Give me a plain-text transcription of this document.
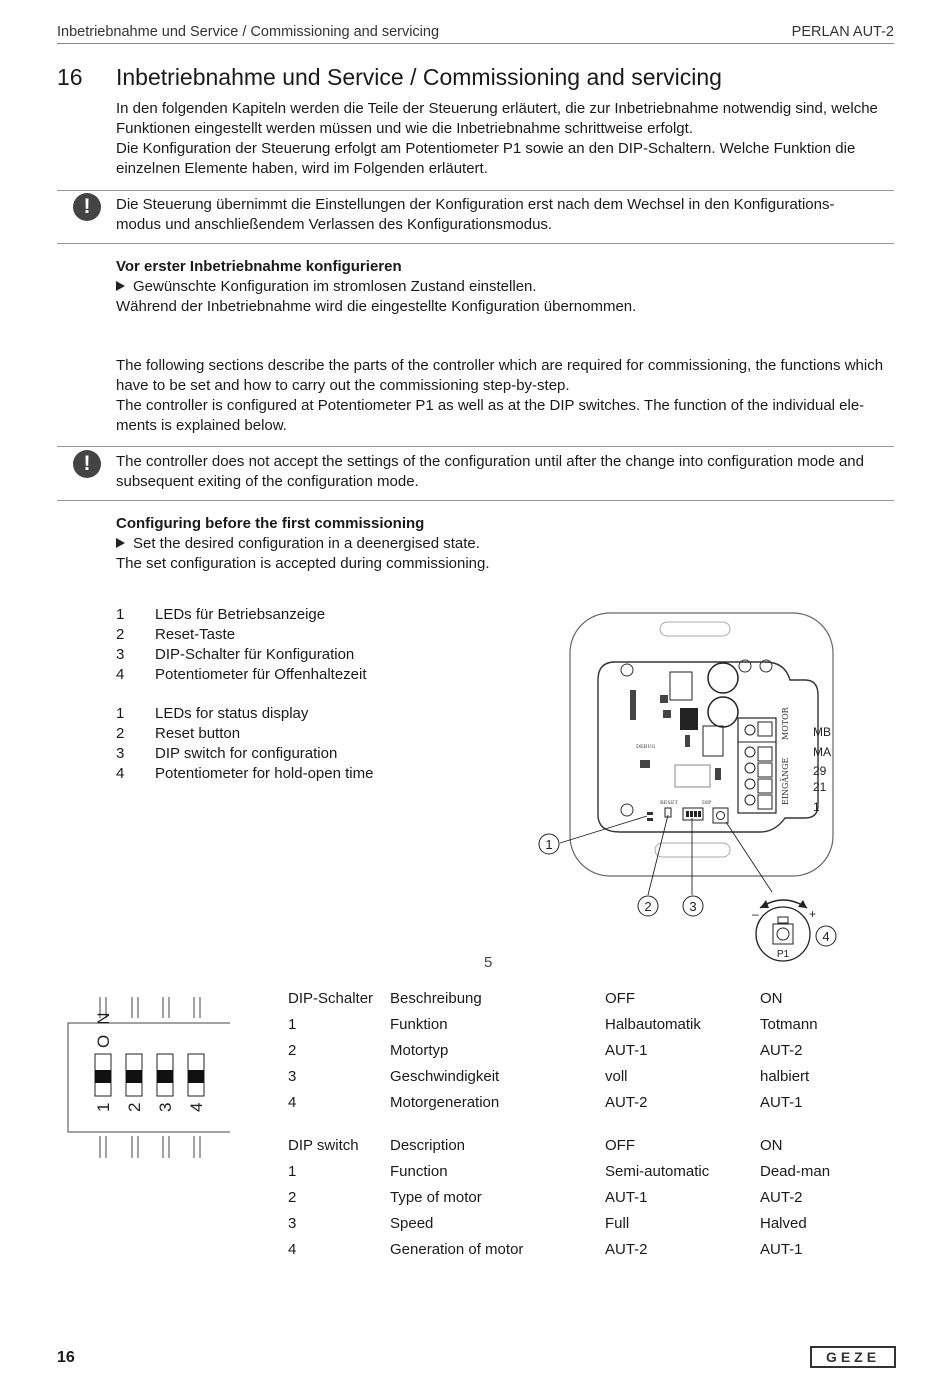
Inbetriebnahme und Service / Commissioning and servicing	PERLAN AUT-2
16 Inbetriebnahme und Service / Commissioning and servicing

In den folgenden Kapiteln werden die Teile der Steuerung erläutert, die zur Inbetriebnahme notwendig sind, welche Funktionen eingestellt werden müssen und wie die Inbetriebnahme schrittweise erfolgt.

Die Konfiguration der Steuerung erfolgt am Potentiometer P1 sowie an den DIP-Schaltern. Welche Funktion die einzelnen Elemente haben, wird im Folgenden erläutert.

!	Die Steuerung übernimmt die Einstellungen der Konfiguration erst nach dem Wechsel in den Konfigurations-modus und anschließendem Verlassen des Konfigurationsmodus.

Vor erster Inbetriebnahme konfigurieren

Gewünschte Konfiguration im stromlosen Zustand einstellen.

Während der Inbetriebnahme wird die eingestellte Konfiguration übernommen.

The following sections describe the parts of the controller which are required for commissioning, the functions which have to be set and how to carry out the commissioning step-by-step.

The controller is configured at Potentiometer P1 as well as at the DIP switches. The function of the individual ele-ments is explained below.

!	The controller does not accept the settings of the configuration until after the change into configuration mode and subsequent exiting of the configuration mode.

Configuring before the first commissioning

Set the desired configuration in a deenergised state.

The set configuration is accepted during commissioning.

1 LEDs für Betriebsanzeige
2 Reset-Taste
3 DIP-Schalter für Konfiguration
4 Potentiometer für Offenhaltezeit
1 LEDs for status display
2 Reset button
3 DIP switch for configuration
4 Potentiometer for hold-open time
MOTOR
EINGÄNGE
MB
MA
29
21
1
DEBUG
RESET	DIP
1
2	3	–	+
P1
4
5
ON
1 2 3 4
DIP-Schalter	Beschreibung	OFF	ON
1	Funktion	Halbautomatik	Totmann
2	Motortyp	AUT-1	AUT-2
3	Geschwindigkeit	voll	halbiert
4	Motorgeneration	AUT-2	AUT-1
DIP switch	Description	OFF	ON
1	Function	Semi-automatic	Dead-man
2	Type of motor	AUT-1	AUT-2
3	Speed	Full	Halved
4	Generation of motor	AUT-2	AUT-1
16	GEZE
